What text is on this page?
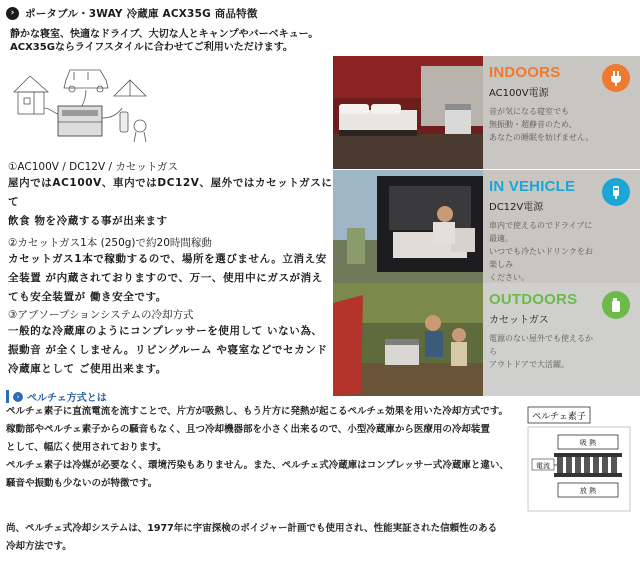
›	ポータブル・3WAY 冷蔵庫 ACX35G 商品特徴

静かな寝室、快適なドライブ、大切な人とキャンプやバーベキュー。

ACX35Gならライフスタイルに合わせてご利用いただけます。

①AC100V / DC12V / カセットガス
屋内ではAC100V、車内ではDC12V、屋外ではカセットガスにて
飲食 物を冷蔵する事が出来ます
②カセットガス1本 (250g)で約20時間稼動
カセットガス1本で稼動するので、場所を選びません。立消え安
全装置 が内蔵されておりますので、万一、使用中にガスが消え
ても安全装置が 働き安全です。
③アブソープションシステムの冷却方式
一般的な冷蔵庫のようにコンプレッサーを使用して いない為、
振動音 が全くしません。リビングルーム や寝室などでセカンド
冷蔵庫として ご使用出来ます。
INDOORS
AC100V電源
音が気になる寝室でも
無振動・超静音のため、
あなたの睡眠を妨げません。
IN VEHICLE
DC12V電源
車内で使えるのでドライブに最適。
いつでも冷たいドリンクをお楽しみ
ください。
OUTDOORS
カセットガス
電源のない屋外でも使えるから
アウトドアで大活躍。
› ペルチェ方式とは
ペルチェ素子に直流電流を流すことで、片方が吸熱し、もう片方に発熱が起こるペルチェ効果を用いた冷却方式です。
稼動部やペルチェ素子からの騒音もなく、且つ冷却機器部を小さく出来るので、小型冷蔵庫から医療用の冷却装置
として、幅広く使用されております。
ペルチェ素子は冷媒が必要なく、環境汚染もありません。また、ペルチェ式冷蔵庫はコンプレッサー式冷蔵庫と違い、
騒音や振動も少ないのが特徴です。
尚、ペルチェ式冷却システムは、1977年に宇宙探検のボイジャー計画でも使用され、性能実証された信頼性のある
冷却方法です。
ペルチェ素子
吸 熱
電流
放 熱
